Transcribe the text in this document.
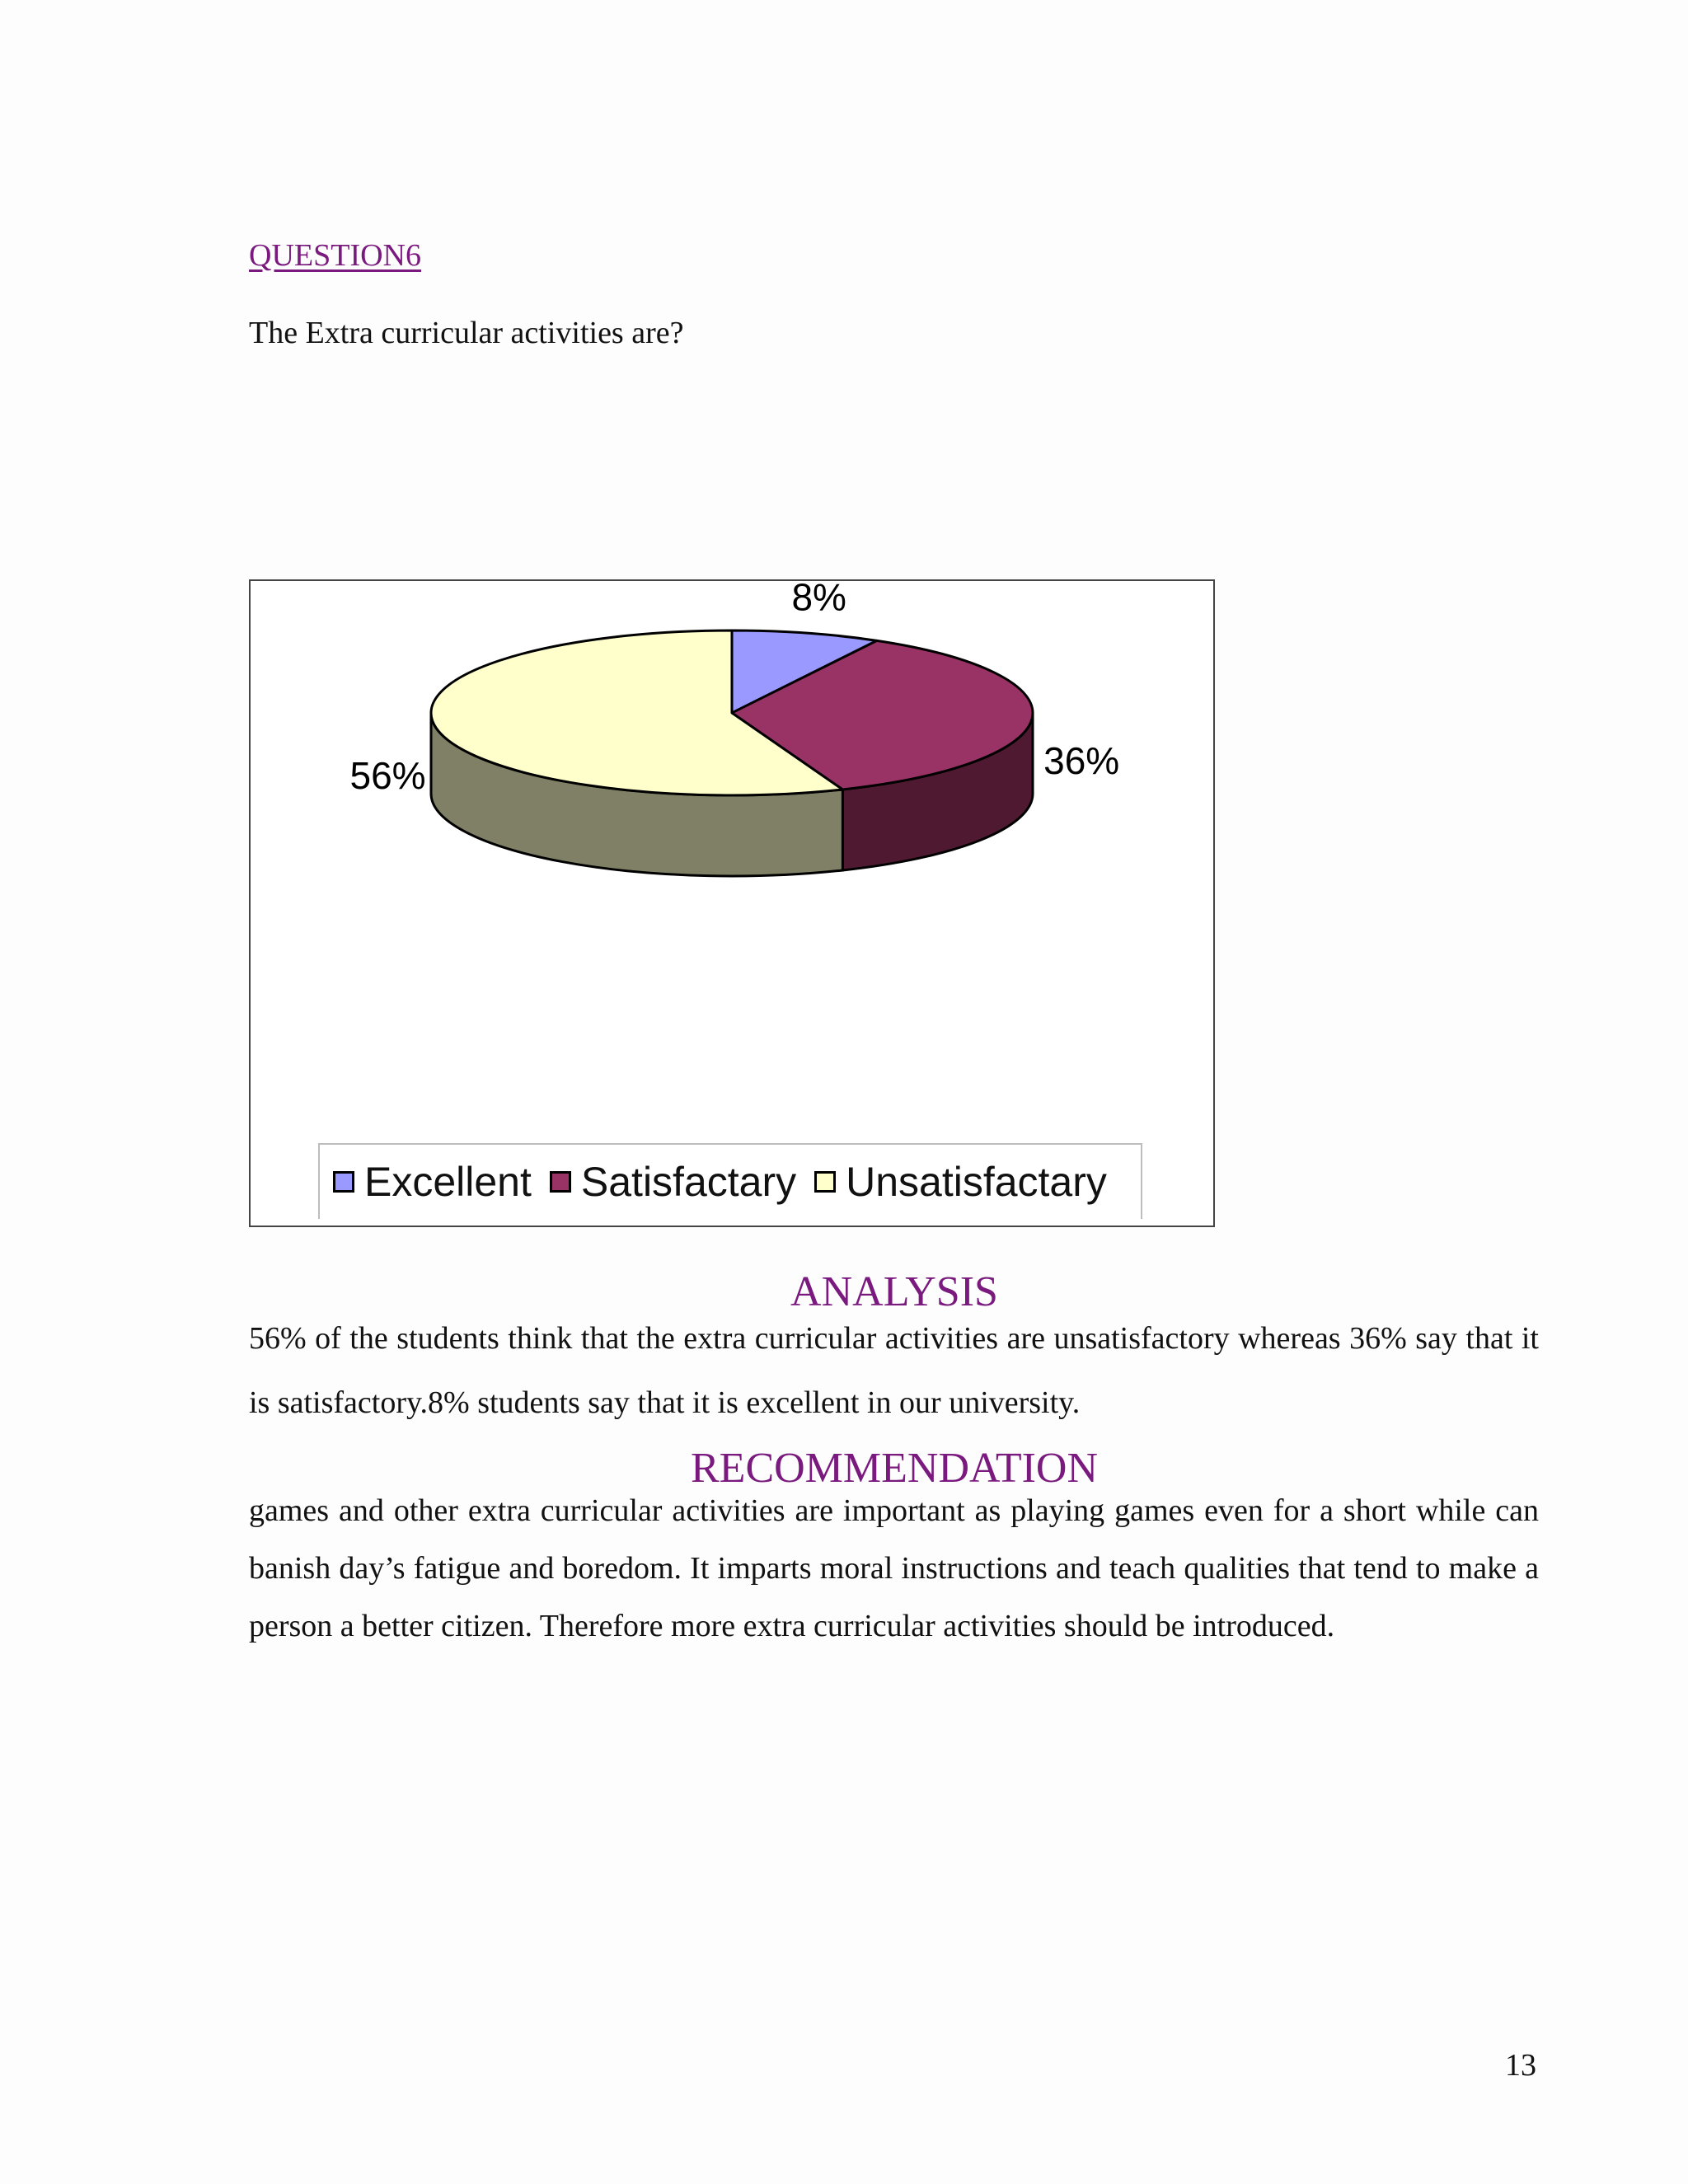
QUESTION6
The Extra curricular activities are?
8%
36%
56%
Excellent Satisfactary Unsatisfactary
ANALYSIS
56% of the students think that the extra curricular activities are unsatisfactory whereas 36% say that it is satisfactory.8% students say that it is excellent in our university.
RECOMMENDATION
games and other extra curricular activities are important as playing games even for a short while can banish day’s fatigue and boredom. It imparts moral instructions and teach qualities that tend to make a person a better citizen. Therefore more extra curricular activities should be introduced.
13
